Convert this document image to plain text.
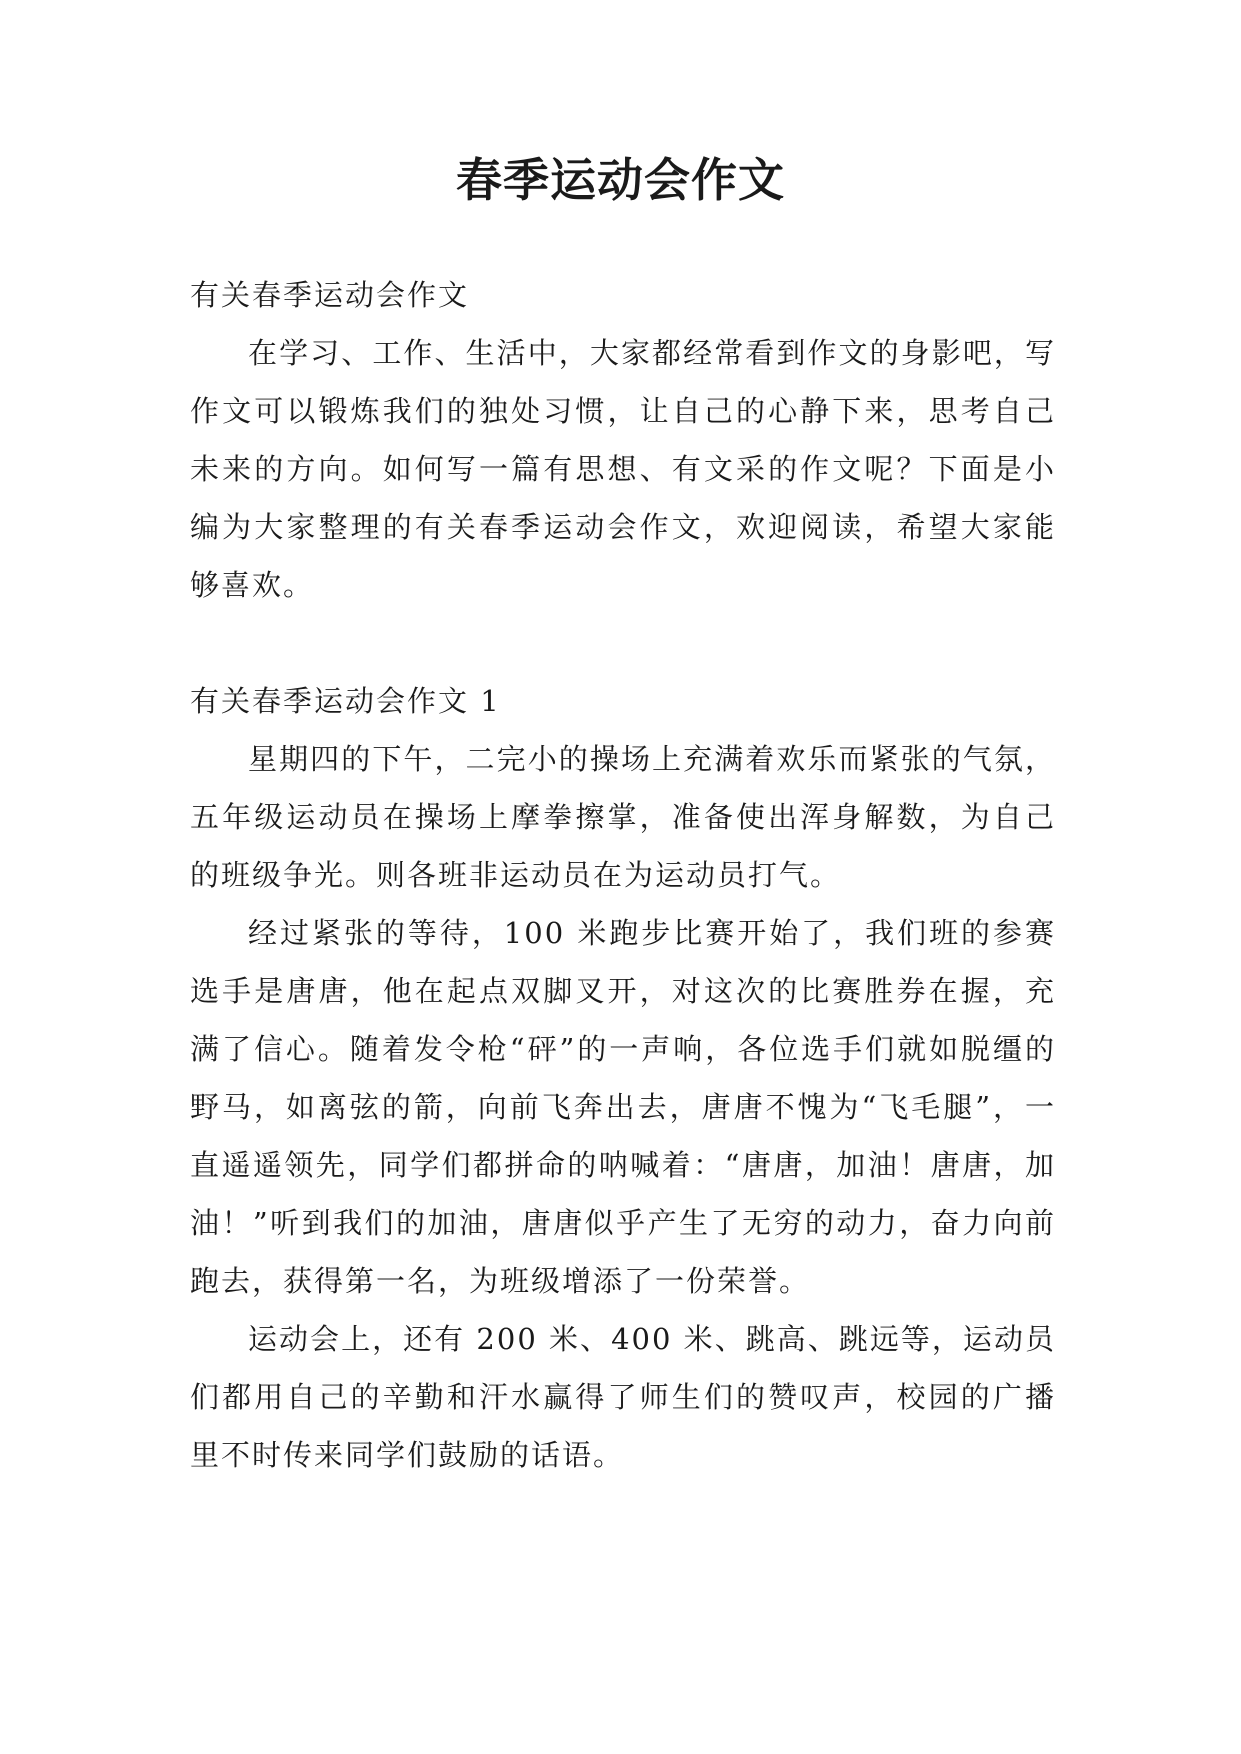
春季运动会作文

有关春季运动会作文

在学习、工作、生活中，大家都经常看到作文的身影吧，写作文可以锻炼我们的独处习惯，让自己的心静下来，思考自己未来的方向。如何写一篇有思想、有文采的作文呢？下面是小编为大家整理的有关春季运动会作文，欢迎阅读，希望大家能够喜欢。

有关春季运动会作文 1

星期四的下午，二完小的操场上充满着欢乐而紧张的气氛，五年级运动员在操场上摩拳擦掌，准备使出浑身解数，为自己的班级争光。则各班非运动员在为运动员打气。

经过紧张的等待，100 米跑步比赛开始了，我们班的参赛选手是唐唐，他在起点双脚叉开，对这次的比赛胜券在握，充满了信心。随着发令枪“砰”的一声响，各位选手们就如脱缰的野马，如离弦的箭，向前飞奔出去，唐唐不愧为“飞毛腿”，一直遥遥领先，同学们都拼命的呐喊着：“唐唐，加油！唐唐，加油！”听到我们的加油，唐唐似乎产生了无穷的动力，奋力向前跑去，获得第一名，为班级增添了一份荣誉。

运动会上，还有 200 米、400 米、跳高、跳远等，运动员们都用自己的辛勤和汗水赢得了师生们的赞叹声，校园的广播里不时传来同学们鼓励的话语。
